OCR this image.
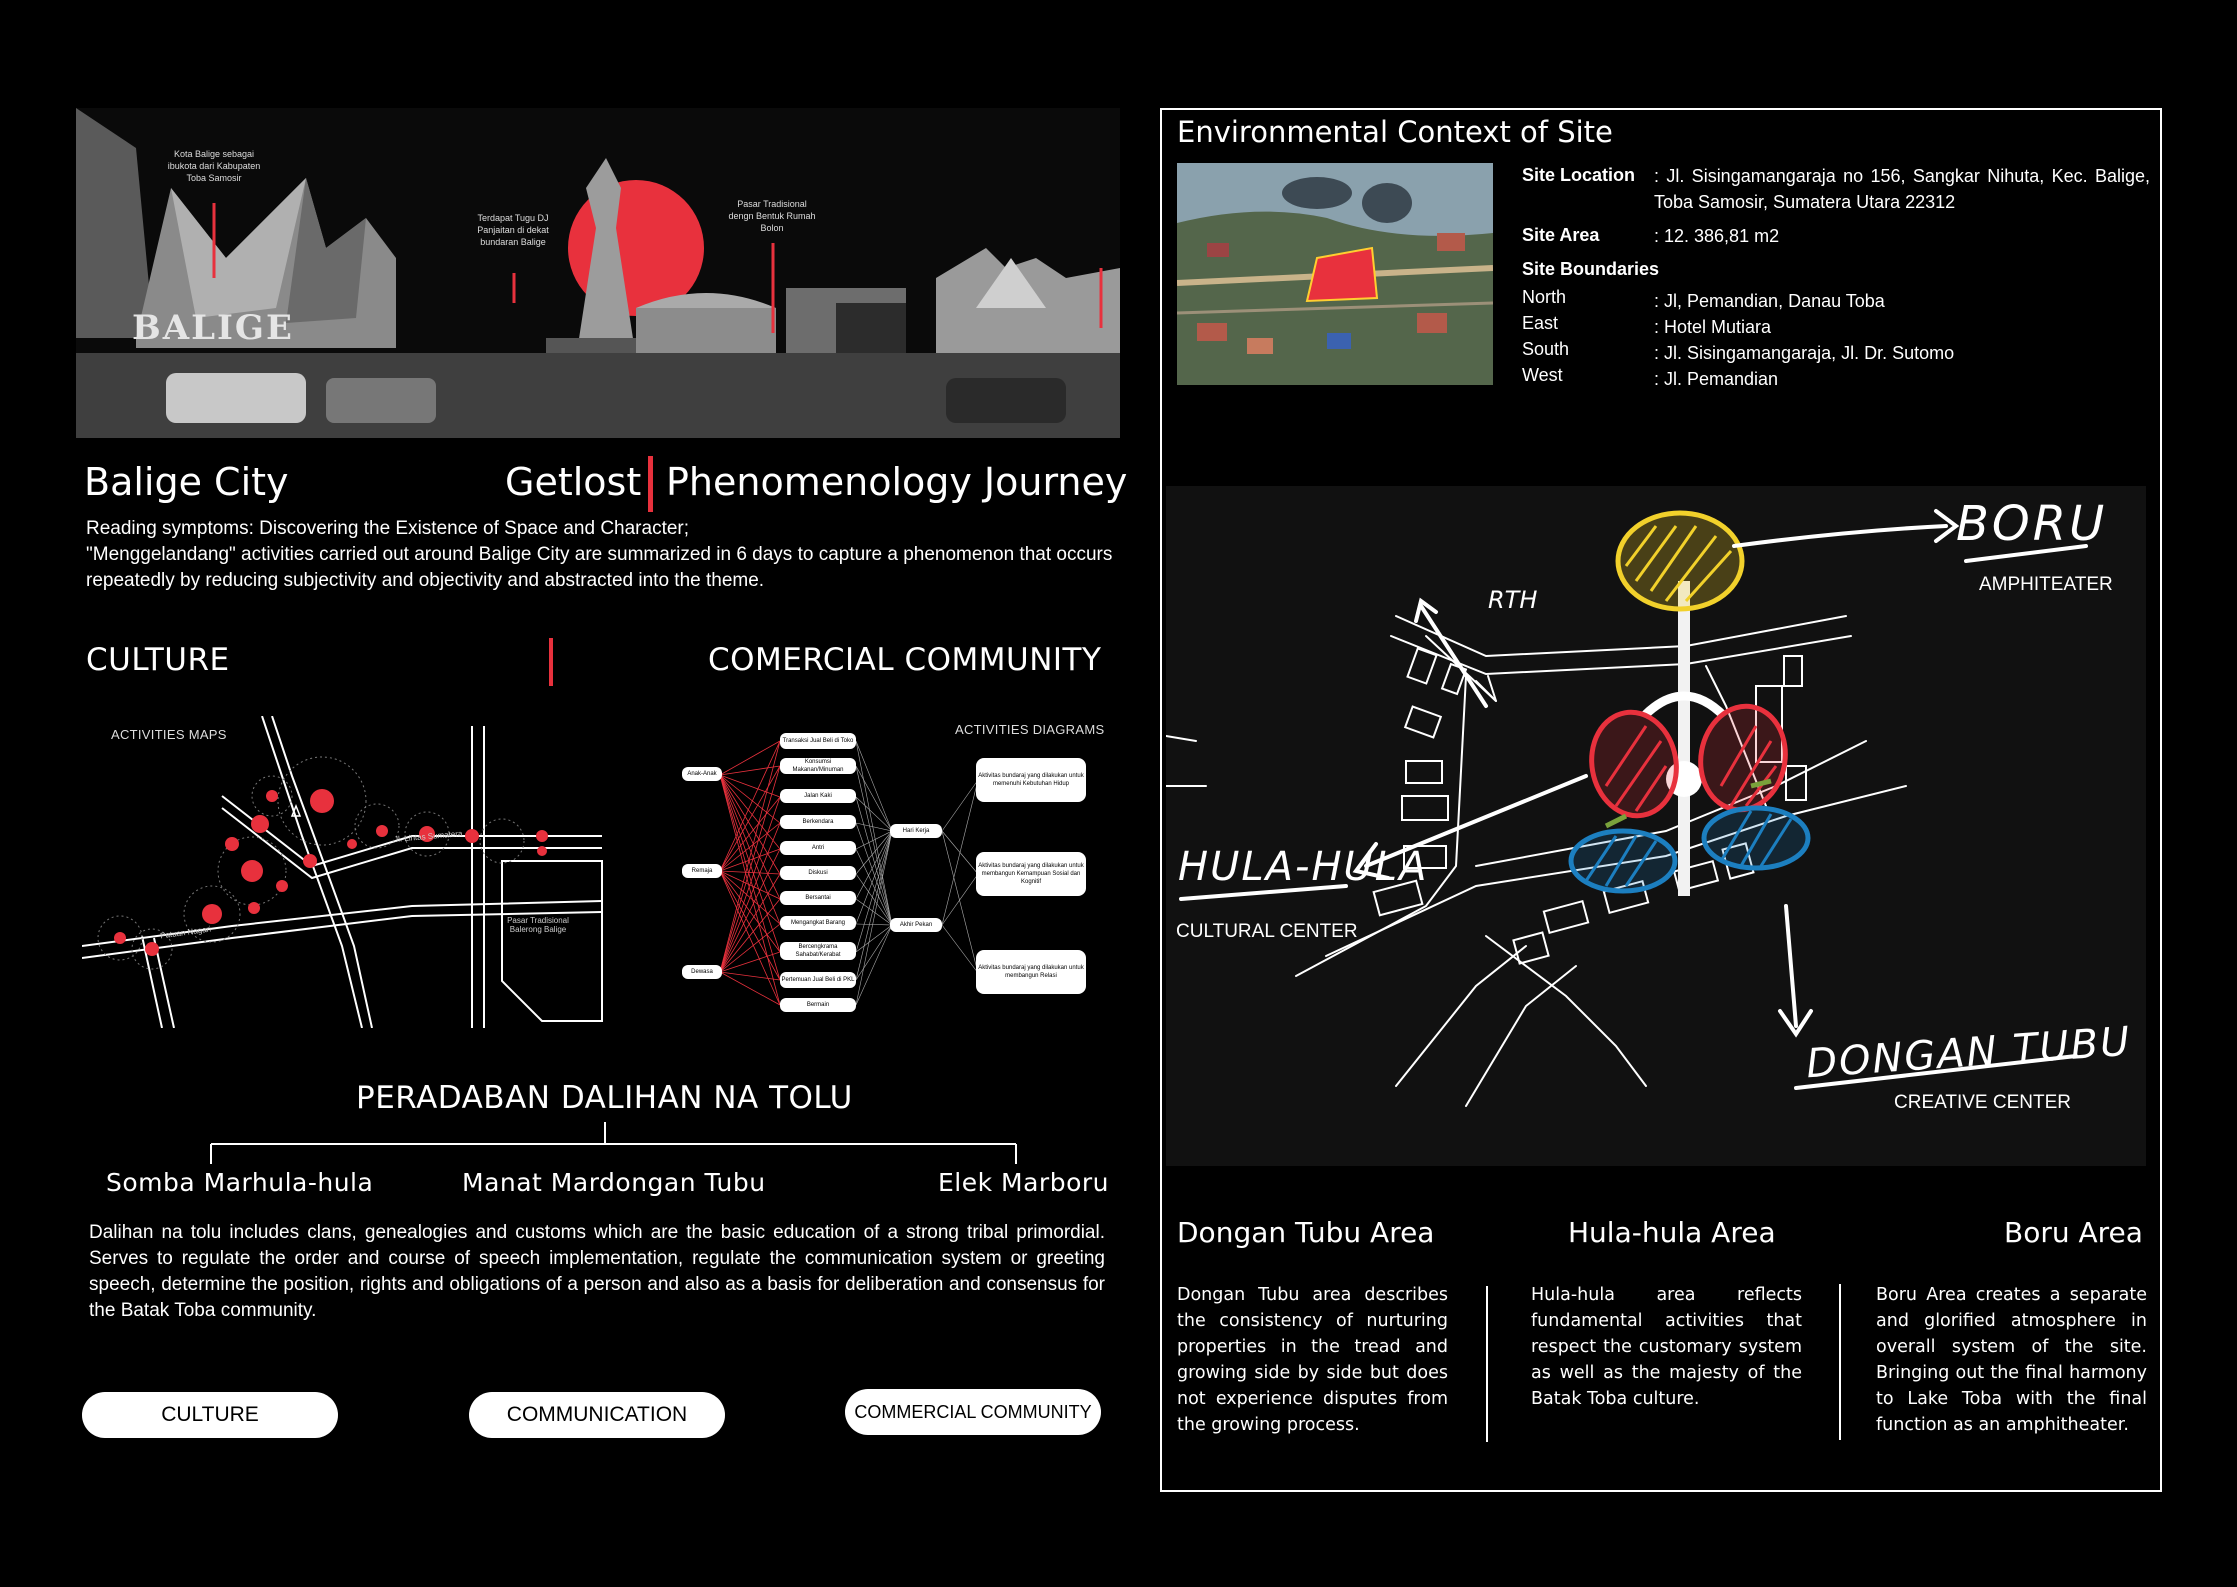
BALIGE
Kota Balige sebagai ibukota dari Kabupaten Toba Samosir
Terdapat Tugu DJ Panjaitan di dekat bundaran Balige
Pasar Tradisional dengn Bentuk Rumah Bolon
Balige City	Getlost Phenomenology Journey
Reading symptoms: Discovering the Existence of Space and Character;
"Menggelandang" activities carried out around Balige City are summarized in 6 days to capture a phenomenon that occurs repeatedly by reducing subjectivity and objectivity and abstracted into the theme.
CULTURE	COMERCIAL COMMUNITY
ACTIVITIES MAPS	ACTIVITIES DIAGRAMS
Jl. Lintas Sumatera
Patuan Nagari
Pasar Tradisional Balerong Balige
Anak-Anak
Remaja
Dewasa
Transaksi Jual Beli di Toko
Konsumsi Makanan/Minuman
Jalan Kaki
Berkendara
Antri
Diskusi
Bersantai
Mengangkat Barang
Bercengkrama Sahabat/Kerabat
Pertemuan Jual Beli di PKL
Bermain
Hari Kerja
Akhir Pekan
Aktivitas bundaraj yang dilakukan untuk memenuhi Kebutuhan Hidup
Aktivitas bundaraj yang dilakukan untuk membangun Kemampuan Sosial dan Kognitif
Aktivitas bundaraj yang dilakukan untuk membangun Relasi
PERADABAN DALIHAN NA TOLU
Somba Marhula-hula	Manat Mardongan Tubu	Elek Marboru
Dalihan na tolu includes clans, genealogies and customs which are the basic education of a strong tribal primordial. Serves to regulate the order and course of speech implementation, regulate the communication system or greeting speech, determine the position, rights and obligations of a person and also as a basis for deliberation and consensus for the Batak Toba community.
CULTURE	COMMUNICATION	COMMERCIAL COMMUNITY
Environmental Context of Site
Site Location : Jl. Sisingamangaraja no 156, Sangkar Nihuta, Kec. Balige, Toba Samosir, Sumatera Utara 22312
Site Area	: 12. 386,81 m2
Site Boundaries
North	: Jl, Pemandian, Danau Toba
East	: Hotel Mutiara
South	: Jl. Sisingamangaraja, Jl. Dr. Sutomo
West	: Jl. Pemandian
BORU
AMPHITEATER
RTH
HULA-HULA
CULTURAL CENTER
DONGAN TUBU
CREATIVE CENTER
Dongan Tubu Area	Hula-hula Area	Boru Area
Dongan Tubu area describes the consistency of nurturing properties in the tread and growing side by side but does not experience disputes from the growing process.
Hula-hula area reflects fundamental activities that respect the customary system as well as the majesty of the Batak Toba culture.
Boru Area creates a separate and glorified atmosphere in overall system of the site. Bringing out the final harmony to Lake Toba with the final function as an amphitheater.
